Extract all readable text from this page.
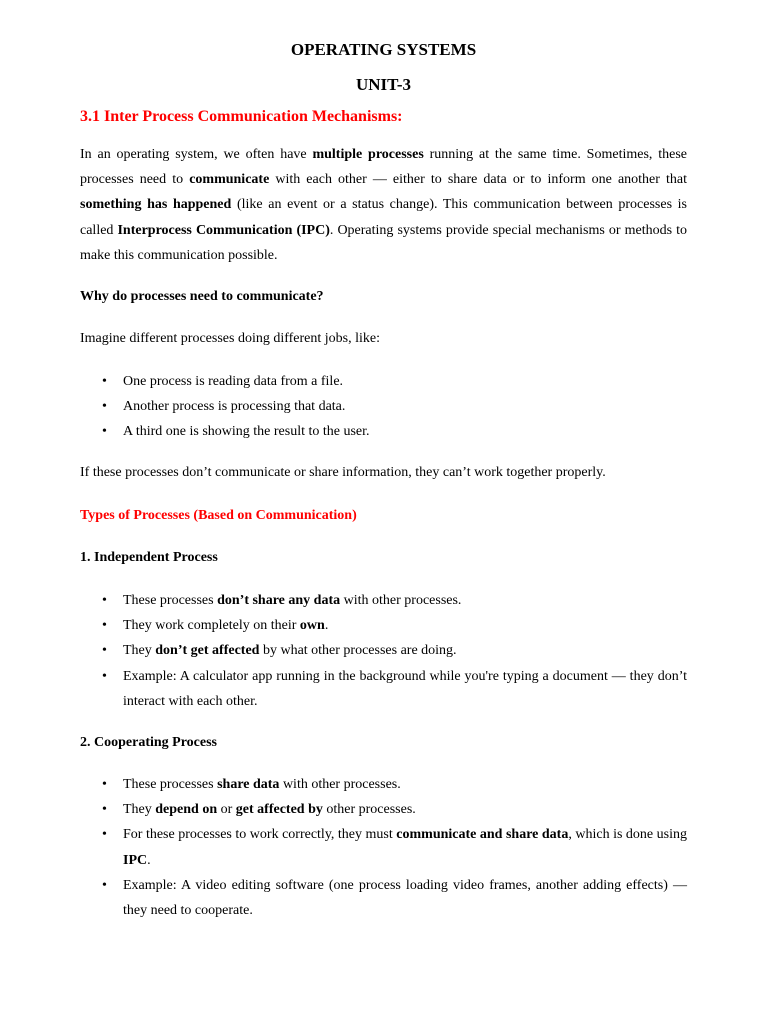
OPERATING SYSTEMS
UNIT-3
3.1 Inter Process Communication Mechanisms:
In an operating system, we often have multiple processes running at the same time. Sometimes, these processes need to communicate with each other — either to share data or to inform one another that something has happened (like an event or a status change). This communication between processes is called Interprocess Communication (IPC). Operating systems provide special mechanisms or methods to make this communication possible.
Why do processes need to communicate?
Imagine different processes doing different jobs, like:
• One process is reading data from a file.
• Another process is processing that data.
• A third one is showing the result to the user.
If these processes don’t communicate or share information, they can’t work together properly.
Types of Processes (Based on Communication)
1. Independent Process
• These processes don’t share any data with other processes.
• They work completely on their own.
• They don’t get affected by what other processes are doing.
• Example: A calculator app running in the background while you're typing a document — they don’t interact with each other.
2. Cooperating Process
• These processes share data with other processes.
• They depend on or get affected by other processes.
• For these processes to work correctly, they must communicate and share data, which is done using IPC.
• Example: A video editing software (one process loading video frames, another adding effects) — they need to cooperate.
